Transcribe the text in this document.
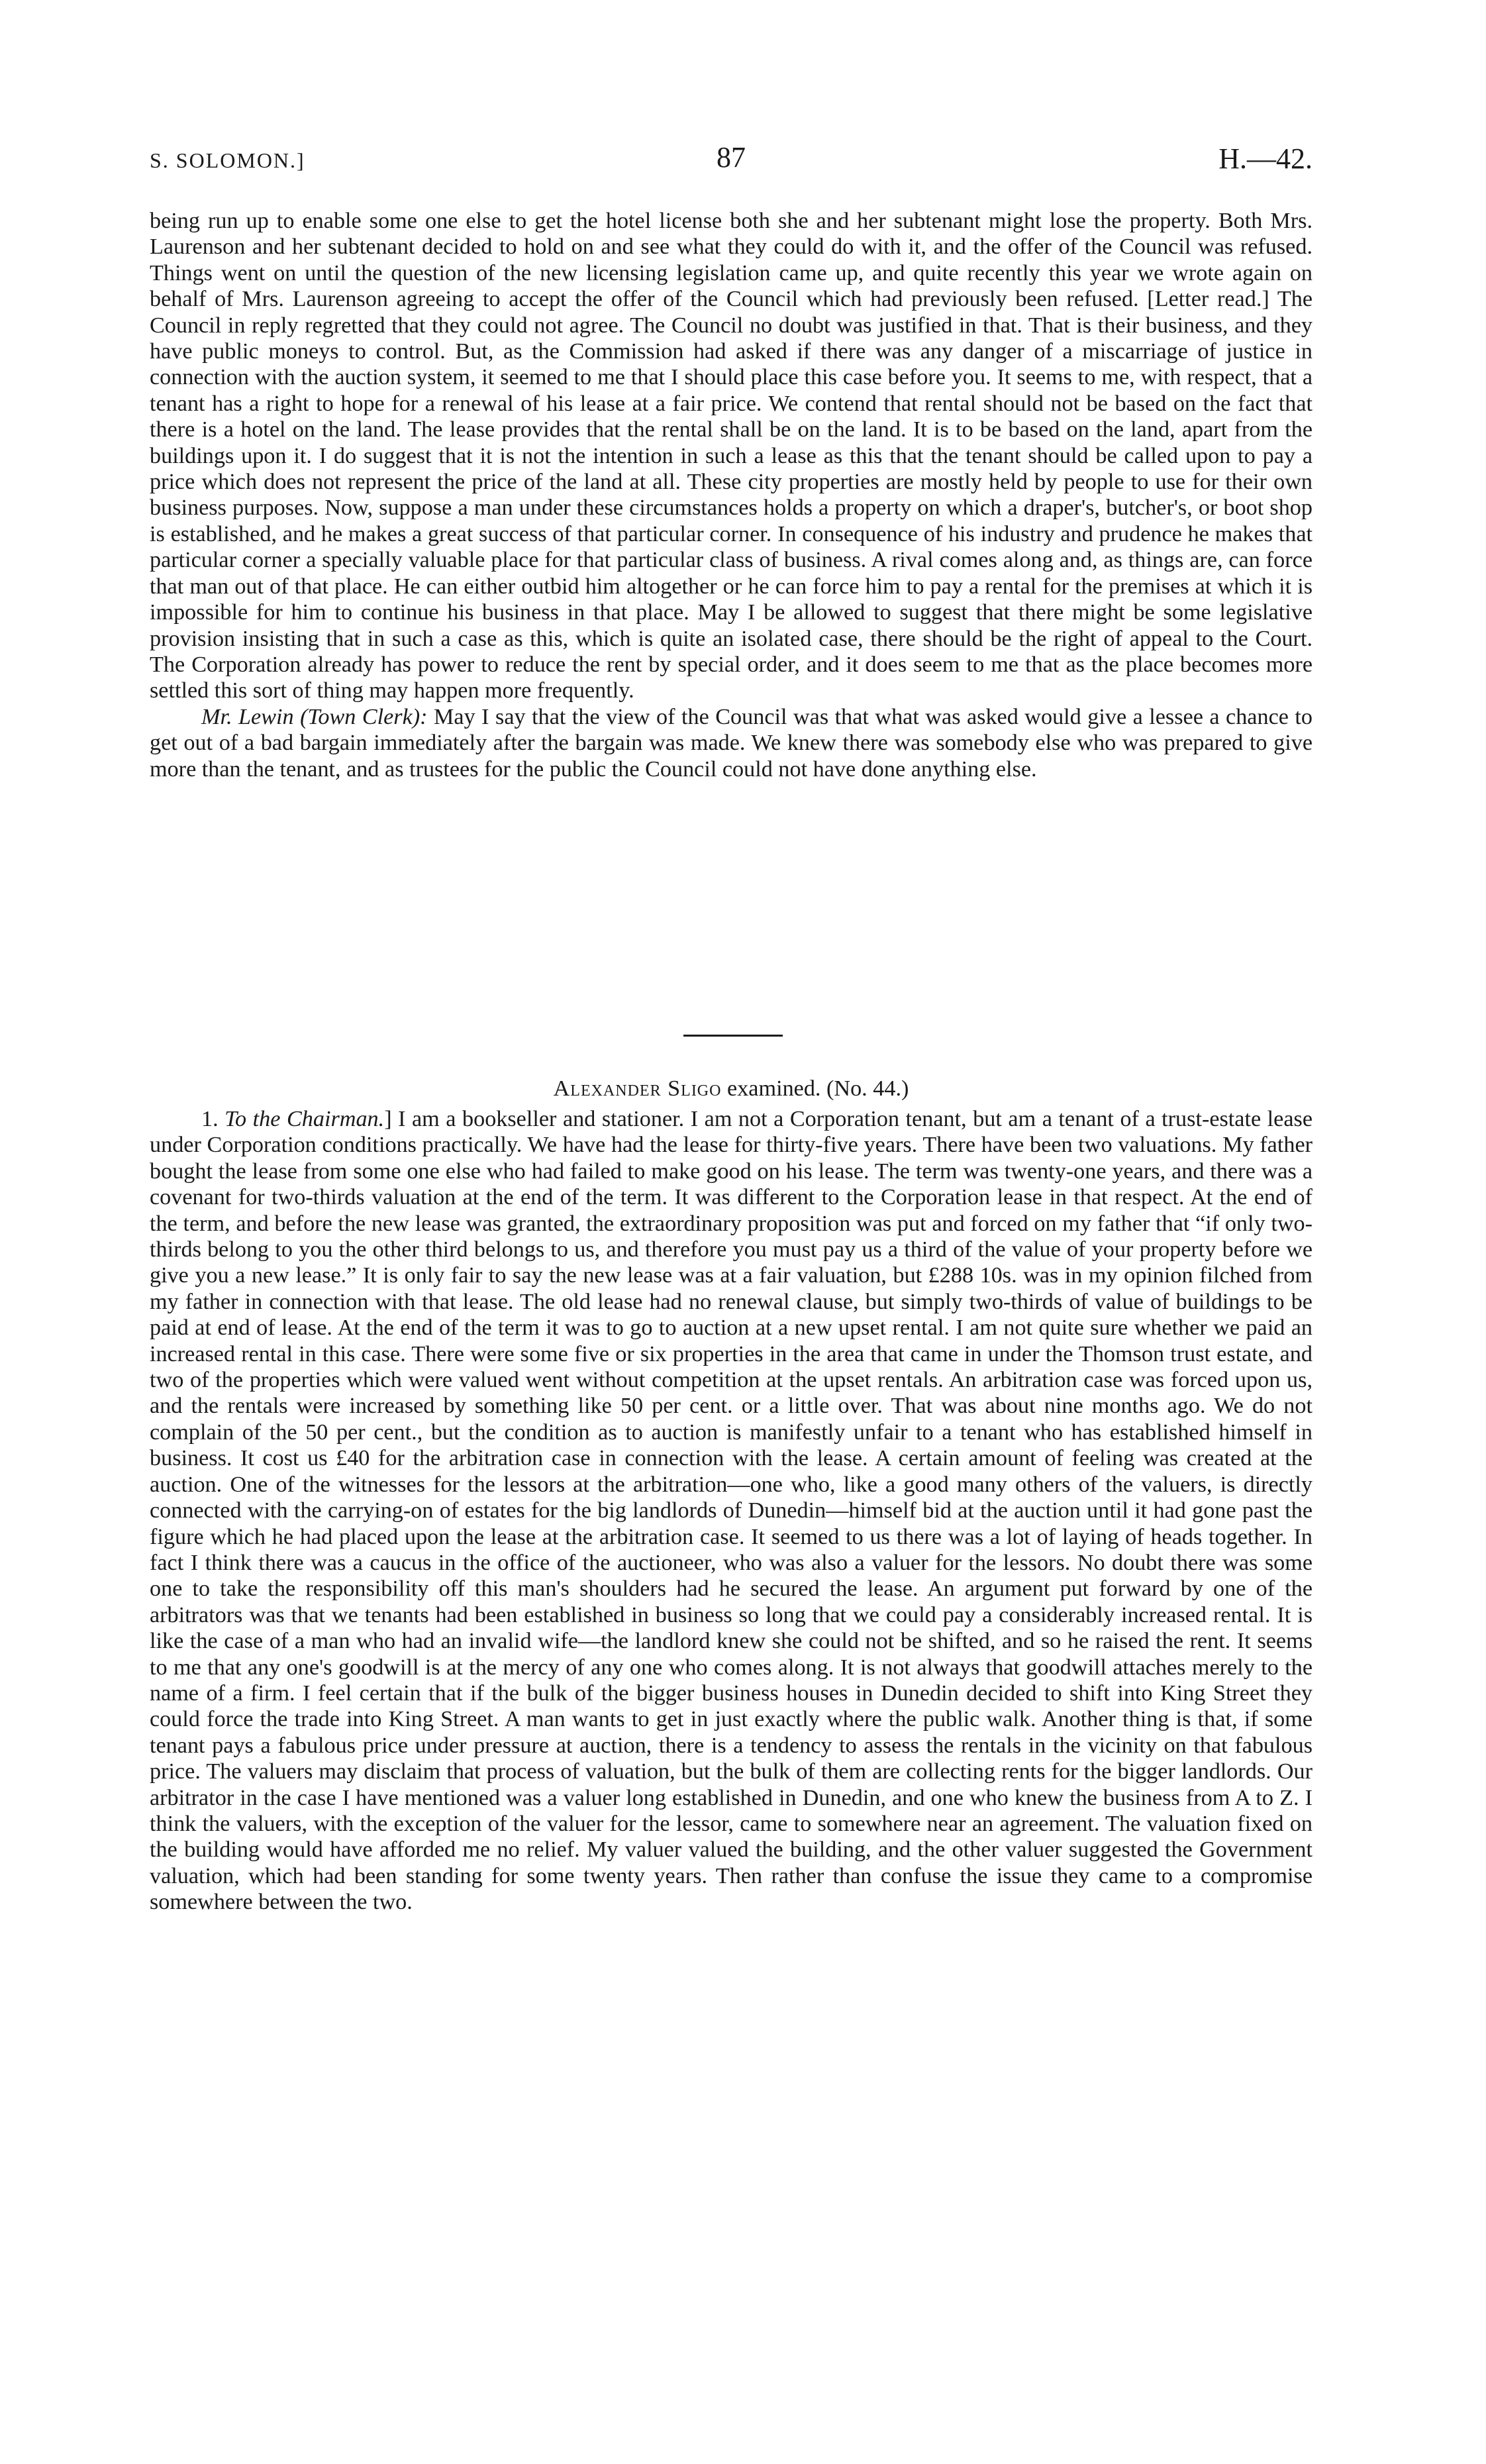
S. SOLOMON.]	87	H.—42.

being run up to enable some one else to get the hotel license both she and her subtenant might lose the property. Both Mrs. Laurenson and her subtenant decided to hold on and see what they could do with it, and the offer of the Council was refused. Things went on until the question of the new licensing legislation came up, and quite recently this year we wrote again on behalf of Mrs. Laurenson agreeing to accept the offer of the Council which had previously been refused. [Letter read.] The Council in reply regretted that they could not agree. The Council no doubt was justified in that. That is their business, and they have public moneys to control. But, as the Commission had asked if there was any danger of a miscarriage of justice in connection with the auction system, it seemed to me that I should place this case before you. It seems to me, with respect, that a tenant has a right to hope for a renewal of his lease at a fair price. We contend that rental should not be based on the fact that there is a hotel on the land. The lease provides that the rental shall be on the land. It is to be based on the land, apart from the buildings upon it. I do suggest that it is not the intention in such a lease as this that the tenant should be called upon to pay a price which does not represent the price of the land at all. These city properties are mostly held by people to use for their own business purposes. Now, suppose a man under these circumstances holds a property on which a draper's, butcher's, or boot shop is established, and he makes a great success of that particular corner. In consequence of his industry and prudence he makes that particular corner a specially valuable place for that particular class of business. A rival comes along and, as things are, can force that man out of that place. He can either outbid him altogether or he can force him to pay a rental for the premises at which it is impossible for him to continue his business in that place. May I be allowed to suggest that there might be some legislative provision insisting that in such a case as this, which is quite an isolated case, there should be the right of appeal to the Court. The Corporation already has power to reduce the rent by special order, and it does seem to me that as the place becomes more settled this sort of thing may happen more frequently.

Mr. Lewin (Town Clerk): May I say that the view of the Council was that what was asked would give a lessee a chance to get out of a bad bargain immediately after the bargain was made. We knew there was somebody else who was prepared to give more than the tenant, and as trustees for the public the Council could not have done anything else.

Alexander Sligo examined. (No. 44.)

1. To the Chairman.] I am a bookseller and stationer. I am not a Corporation tenant, but am a tenant of a trust-estate lease under Corporation conditions practically. We have had the lease for thirty-five years. There have been two valuations. My father bought the lease from some one else who had failed to make good on his lease. The term was twenty-one years, and there was a covenant for two-thirds valuation at the end of the term. It was different to the Corporation lease in that respect. At the end of the term, and before the new lease was granted, the extraordinary proposition was put and forced on my father that “if only two-thirds belong to you the other third belongs to us, and therefore you must pay us a third of the value of your property before we give you a new lease.” It is only fair to say the new lease was at a fair valuation, but £288 10s. was in my opinion filched from my father in connection with that lease. The old lease had no renewal clause, but simply two-thirds of value of buildings to be paid at end of lease. At the end of the term it was to go to auction at a new upset rental. I am not quite sure whether we paid an increased rental in this case. There were some five or six properties in the area that came in under the Thomson trust estate, and two of the properties which were valued went without competition at the upset rentals. An arbitration case was forced upon us, and the rentals were increased by something like 50 per cent. or a little over. That was about nine months ago. We do not complain of the 50 per cent., but the condition as to auction is manifestly unfair to a tenant who has established himself in business. It cost us £40 for the arbitration case in connection with the lease. A certain amount of feeling was created at the auction. One of the witnesses for the lessors at the arbitration—one who, like a good many others of the valuers, is directly connected with the carrying-on of estates for the big landlords of Dunedin—himself bid at the auction until it had gone past the figure which he had placed upon the lease at the arbitration case. It seemed to us there was a lot of laying of heads together. In fact I think there was a caucus in the office of the auctioneer, who was also a valuer for the lessors. No doubt there was some one to take the responsibility off this man's shoulders had he secured the lease. An argument put forward by one of the arbitrators was that we tenants had been established in business so long that we could pay a considerably increased rental. It is like the case of a man who had an invalid wife—the landlord knew she could not be shifted, and so he raised the rent. It seems to me that any one's goodwill is at the mercy of any one who comes along. It is not always that goodwill attaches merely to the name of a firm. I feel certain that if the bulk of the bigger business houses in Dunedin decided to shift into King Street they could force the trade into King Street. A man wants to get in just exactly where the public walk. Another thing is that, if some tenant pays a fabulous price under pressure at auction, there is a tendency to assess the rentals in the vicinity on that fabulous price. The valuers may disclaim that process of valuation, but the bulk of them are collecting rents for the bigger landlords. Our arbitrator in the case I have mentioned was a valuer long established in Dunedin, and one who knew the business from A to Z. I think the valuers, with the exception of the valuer for the lessor, came to somewhere near an agreement. The valuation fixed on the building would have afforded me no relief. My valuer valued the building, and the other valuer suggested the Government valuation, which had been standing for some twenty years. Then rather than confuse the issue they came to a compromise somewhere between the two.
